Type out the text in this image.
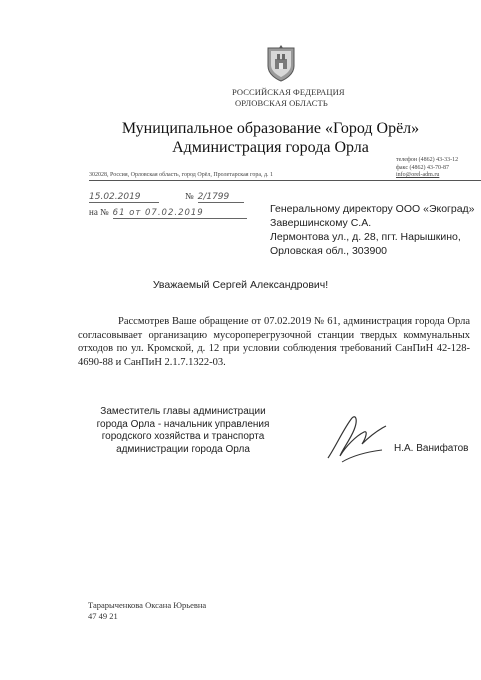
РОССИЙСКАЯ ФЕДЕРАЦИЯ
ОРЛОВСКАЯ ОБЛАСТЬ
Муниципальное образование «Город Орёл»
Администрация города Орла
телефон (4862) 43-33-12
факс (4862) 43-70-87
info@orel-adm.ru
302028, Россия, Орловская область, город Орёл, Пролетарская гора, д. 1
15.02.2019	№ 2/1799
на № 61 от 07.02.2019	Генеральному директору ООО «Экоград»
Завершинскому С.А.
Лермонтова ул., д. 28, пгт. Нарышкино,
Орловская обл., 303900
Уважаемый Сергей Александрович!
Рассмотрев Ваше обращение от 07.02.2019 № 61, администрация города Орла согласовывает организацию мусороперегрузочной станции твердых коммунальных отходов по ул. Кромской, д. 12 при условии соблюдения требований СанПиН 42-128-4690-88 и СанПиН 2.1.7.1322-03.
Заместитель главы администрации
города Орла - начальник управления
городского хозяйства и транспорта
администрации города Орла	Н.А. Ванифатов
Тарарыченкова Оксана Юрьевна
47 49 21
